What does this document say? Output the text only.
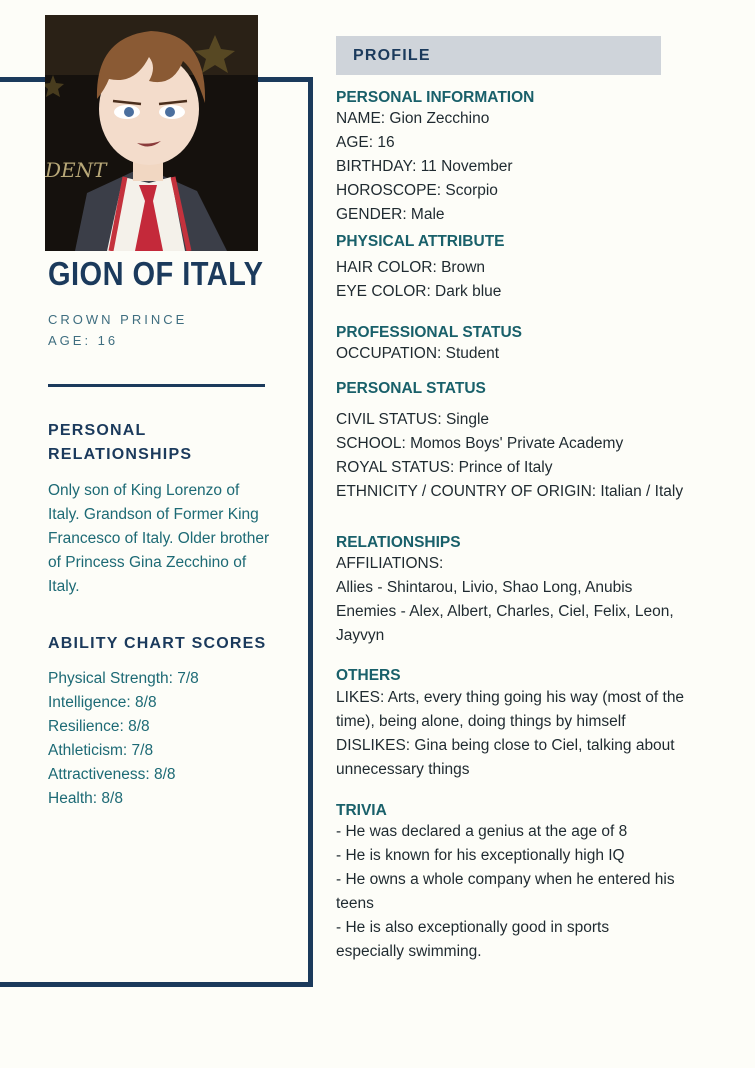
DENT
GION OF ITALY
CROWN PRINCE
AGE: 16
PERSONAL RELATIONSHIPS
Only son of King Lorenzo of Italy. Grandson of Former King Francesco of Italy. Older brother of Princess Gina Zecchino of Italy.
ABILITY CHART SCORES
Physical Strength: 7/8
Intelligence: 8/8
Resilience: 8/8
Athleticism: 7/8
Attractiveness: 8/8
Health: 8/8
PROFILE
PERSONAL INFORMATION
NAME: Gion Zecchino
AGE: 16
BIRTHDAY: 11 November
HOROSCOPE: Scorpio
GENDER: Male
PHYSICAL ATTRIBUTE
HAIR COLOR: Brown
EYE COLOR: Dark blue
PROFESSIONAL STATUS
OCCUPATION: Student
PERSONAL STATUS
CIVIL STATUS: Single
SCHOOL: Momos Boys' Private Academy
ROYAL STATUS: Prince of Italy
ETHNICITY / COUNTRY OF ORIGIN: Italian / Italy
RELATIONSHIPS
AFFILIATIONS:
Allies - Shintarou, Livio, Shao Long, Anubis
Enemies - Alex, Albert, Charles, Ciel, Felix, Leon,
Jayvyn
OTHERS
LIKES: Arts, every thing going his way (most of the
time), being alone, doing things by himself
DISLIKES: Gina being close to Ciel, talking about
unnecessary things
TRIVIA
- He was declared a genius at the age of 8
- He is known for his exceptionally high IQ
- He owns a whole company when he entered his
teens
- He is also exceptionally good in sports
especially swimming.
